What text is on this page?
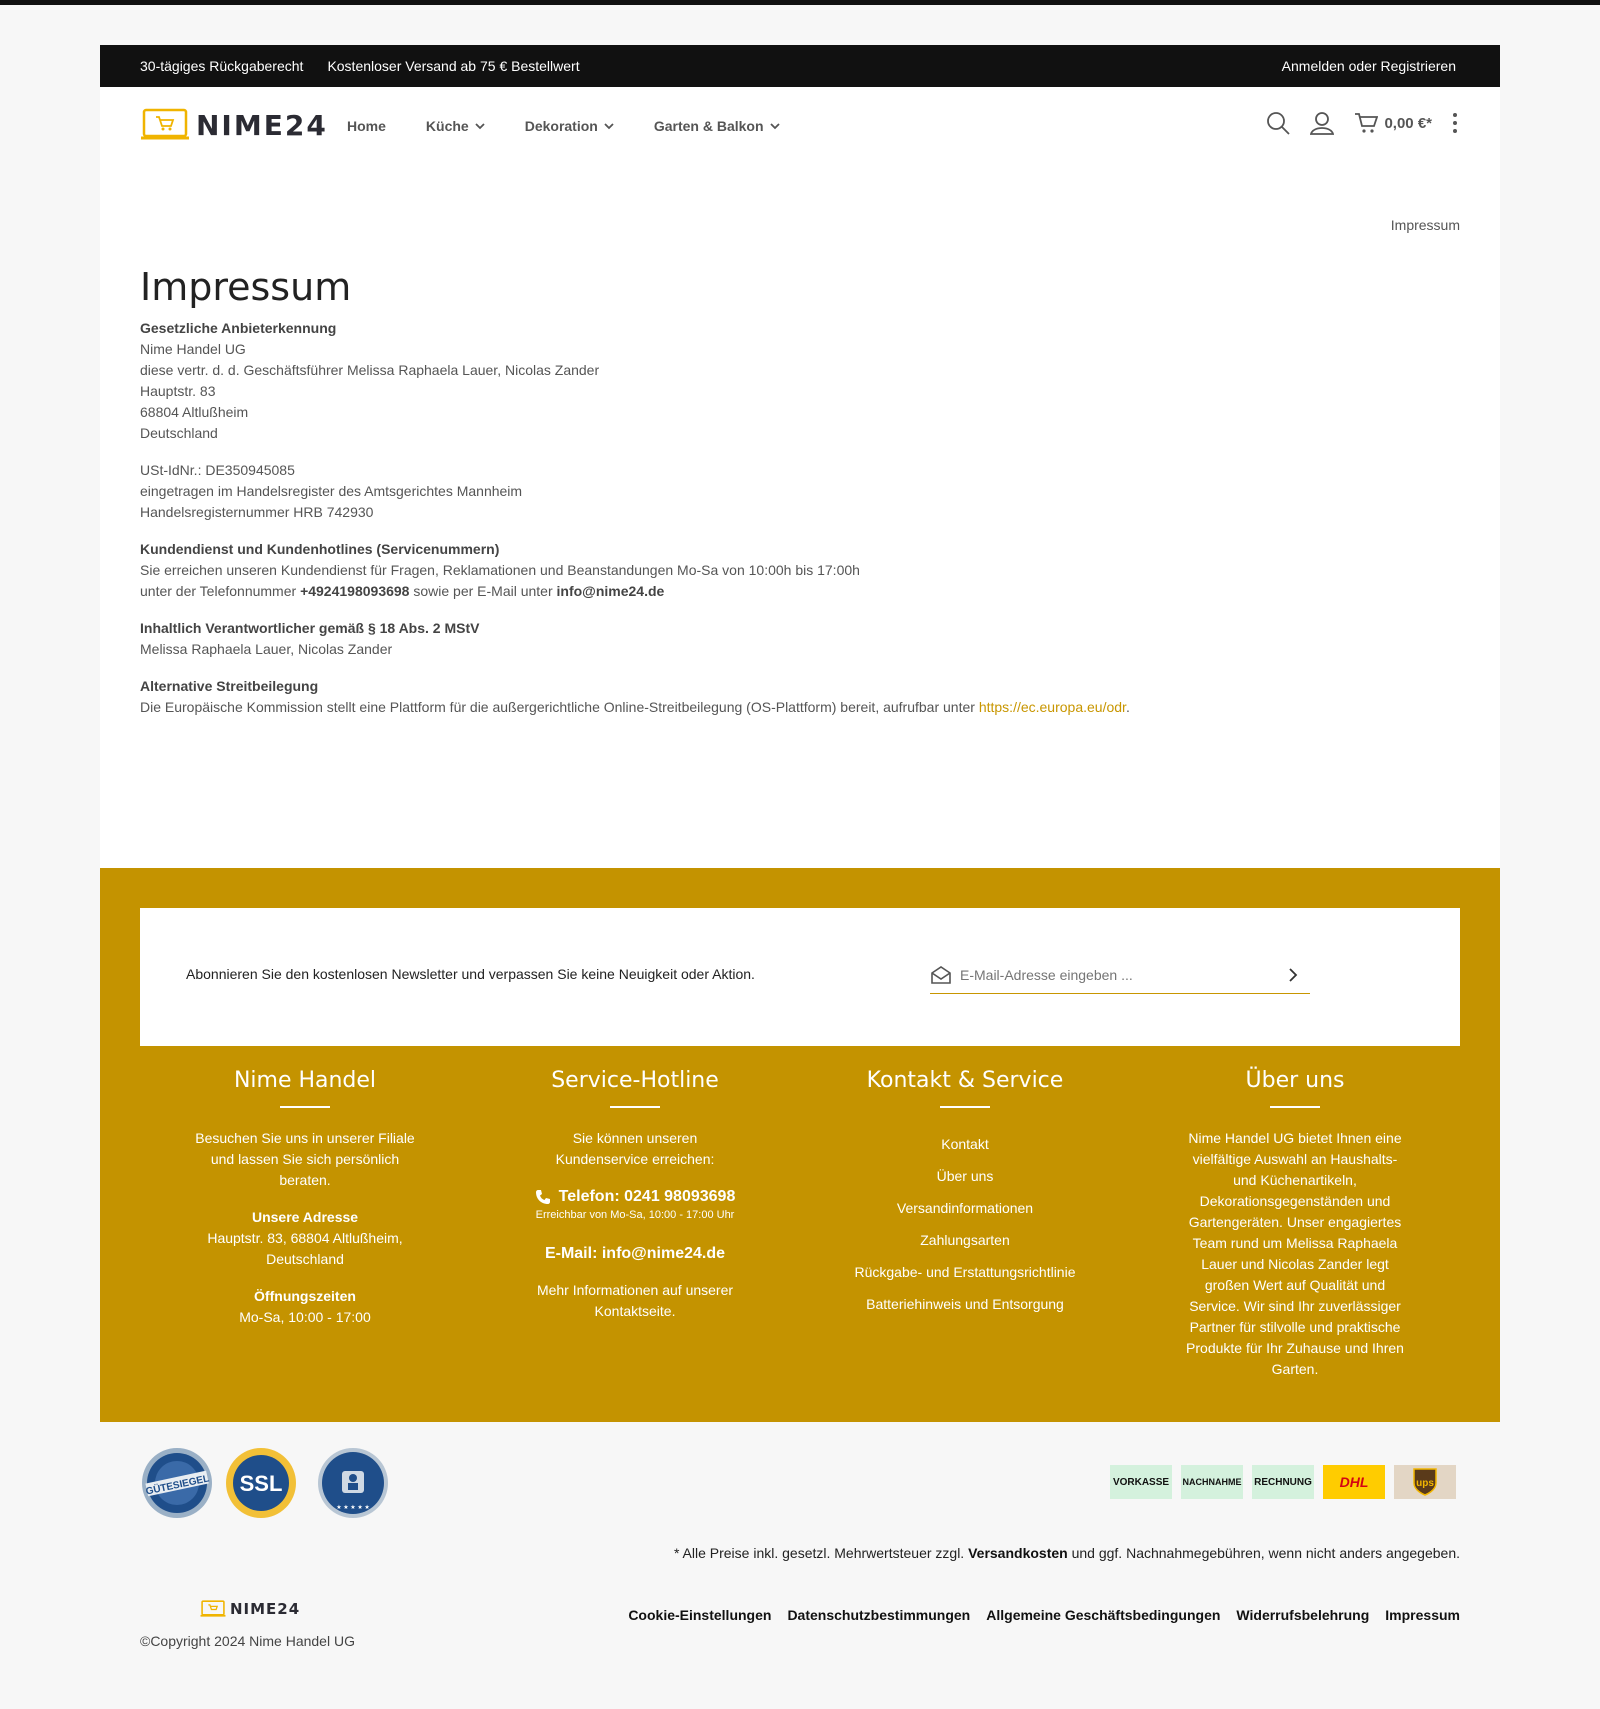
30-tägiges Rückgaberecht Kostenloser Versand ab 75 € Bestellwert	Anmelden oder Registrieren
NIME24 Home	Küche	Dekoration	Garten & Balkon	0,00 €*
Impressum
Impressum
Gesetzliche Anbieterkennung
Nime Handel UG
diese vertr. d. d. Geschäftsführer Melissa Raphaela Lauer, Nicolas Zander
Hauptstr. 83
68804 Altlußheim
Deutschland
USt-IdNr.: DE350945085
eingetragen im Handelsregister des Amtsgerichtes Mannheim
Handelsregisternummer HRB 742930
Kundendienst und Kundenhotlines (Servicenummern)
Sie erreichen unseren Kundendienst für Fragen, Reklamationen und Beanstandungen Mo-Sa von 10:00h bis 17:00h
unter der Telefonnummer +4924198093698 sowie per E-Mail unter info@nime24.de
Inhaltlich Verantwortlicher gemäß § 18 Abs. 2 MStV
Melissa Raphaela Lauer, Nicolas Zander
Alternative Streitbeilegung
Die Europäische Kommission stellt eine Plattform für die außergerichtliche Online-Streitbeilegung (OS-Plattform) bereit, aufrufbar unter https://ec.europa.eu/odr.
Abonnieren Sie den kostenlosen Newsletter und verpassen Sie keine Neuigkeit oder Aktion.
E-Mail-Adresse eingeben ...
Nime Handel
Besuchen Sie uns in unserer Filiale und lassen Sie sich persönlich beraten.
Unsere Adresse
Hauptstr. 83, 68804 Altlußheim, Deutschland
Öffnungszeiten
Mo-Sa, 10:00 - 17:00
Service-Hotline
Sie können unseren Kundenservice erreichen:
Telefon: 0241 98093698
Erreichbar von Mo-Sa, 10:00 - 17:00 Uhr
E-Mail: info@nime24.de
Mehr Informationen auf unserer Kontaktseite.
Kontakt & Service
Kontakt
Über uns
Versandinformationen
Zahlungsarten
Rückgabe- und Erstattungsrichtlinie
Batteriehinweis und Entsorgung
Über uns
Nime Handel UG bietet Ihnen eine vielfältige Auswahl an Haushalts- und Küchenartikeln, Dekorationsgegenständen und Gartengeräten. Unser engagiertes Team rund um Melissa Raphaela Lauer und Nicolas Zander legt großen Wert auf Qualität und Service. Wir sind Ihr zuverlässiger Partner für stilvolle und praktische Produkte für Ihr Zuhause und Ihren Garten.
GÜTESIEGEL SSL
★ ★ ★ ★ ★
VORKASSE	NACHNAHME RECHNUNG DHL	ups
* Alle Preise inkl. gesetzl. Mehrwertsteuer zzgl. Versandkosten und ggf. Nachnahmegebühren, wenn nicht anders angegeben.
NIME24
©Copyright 2024 Nime Handel UG
Cookie-Einstellungen Datenschutzbestimmungen Allgemeine Geschäftsbedingungen Widerrufsbelehrung Impressum
